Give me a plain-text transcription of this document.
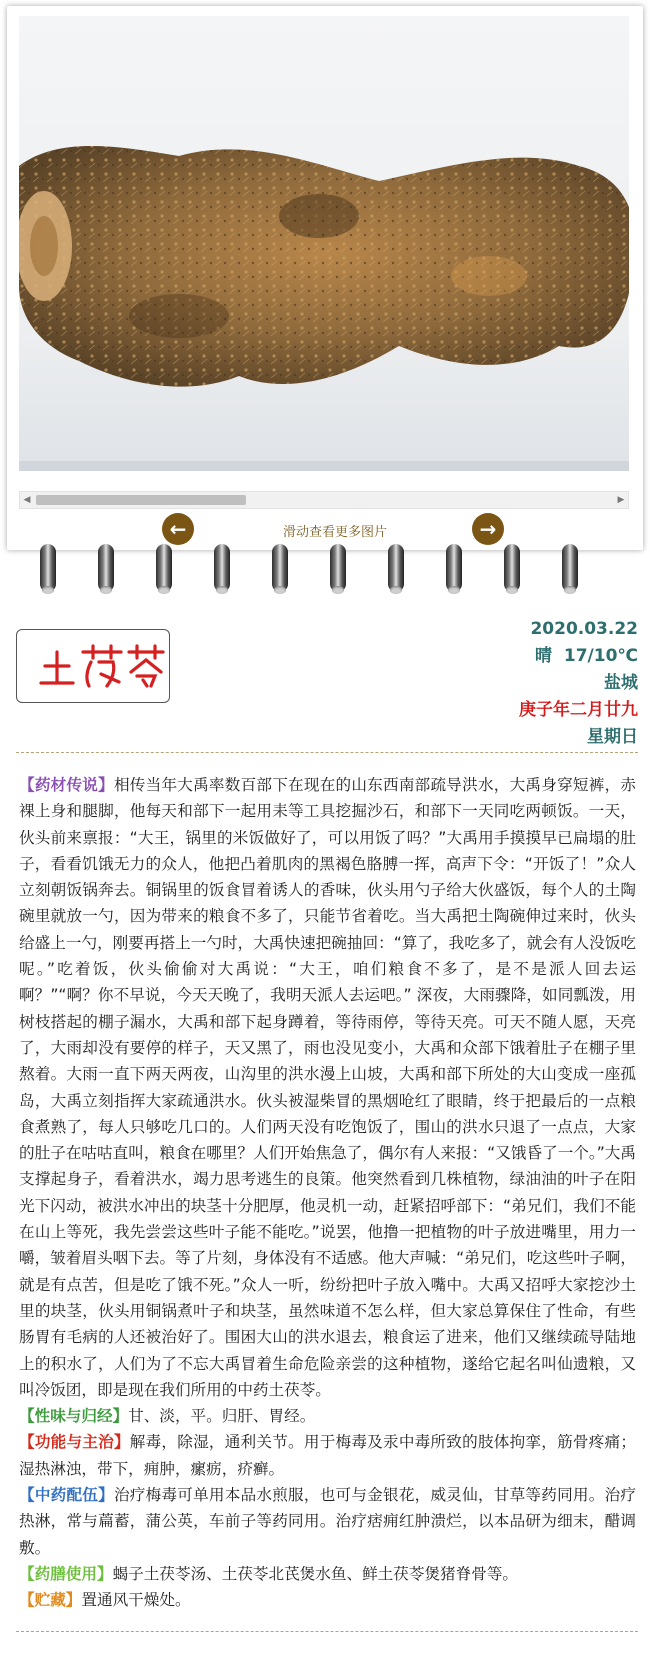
◀	▶
←	滑动查看更多图片	→
2020.03.22
晴  17/10℃
盐城
庚子年二月廿九
星期日

【药材传说】相传当年大禹率数百部下在现在的山东西南部疏导洪水，大禹身穿短裤，赤裸上身和腿脚，他每天和部下一起用耒等工具挖掘沙石，和部下一天同吃两顿饭。一天，伙头前来禀报：“大王，锅里的米饭做好了，可以用饭了吗？”大禹用手摸摸早已扁塌的肚子，看看饥饿无力的众人，他把凸着肌肉的黑褐色胳膊一挥，高声下令：“开饭了！”众人立刻朝饭锅奔去。铜锅里的饭食冒着诱人的香味，伙头用勺子给大伙盛饭，每个人的土陶碗里就放一勺，因为带来的粮食不多了，只能节省着吃。当大禹把土陶碗伸过来时，伙头给盛上一勺，刚要再搭上一勺时，大禹快速把碗抽回：“算了，我吃多了，就会有人没饭吃呢。”吃着饭，伙头偷偷对大禹说：“大王，咱们粮食不多了，是不是派人回去运啊？”“啊？你不早说，今天天晚了，我明天派人去运吧。” 深夜，大雨骤降，如同瓢泼，用树枝搭起的棚子漏水，大禹和部下起身蹲着，等待雨停，等待天亮。可天不随人愿，天亮了，大雨却没有要停的样子，天又黑了，雨也没见变小，大禹和众部下饿着肚子在棚子里熬着。大雨一直下两天两夜，山沟里的洪水漫上山坡，大禹和部下所处的大山变成一座孤岛，大禹立刻指挥大家疏通洪水。伙头被湿柴冒的黑烟呛红了眼睛，终于把最后的一点粮食煮熟了，每人只够吃几口的。人们两天没有吃饱饭了，围山的洪水只退了一点点，大家的肚子在咕咕直叫，粮食在哪里？人们开始焦急了，偶尔有人来报：“又饿昏了一个。”大禹支撑起身子，看着洪水，竭力思考逃生的良策。他突然看到几株植物，绿油油的叶子在阳光下闪动，被洪水冲出的块茎十分肥厚，他灵机一动，赶紧招呼部下：“弟兄们，我们不能在山上等死，我先尝尝这些叶子能不能吃。”说罢，他撸一把植物的叶子放进嘴里，用力一嚼，皱着眉头咽下去。等了片刻，身体没有不适感。他大声喊：“弟兄们，吃这些叶子啊，就是有点苦，但是吃了饿不死。”众人一听，纷纷把叶子放入嘴中。大禹又招呼大家挖沙土里的块茎，伙头用铜锅煮叶子和块茎，虽然味道不怎么样，但大家总算保住了性命，有些肠胃有毛病的人还被治好了。围困大山的洪水退去，粮食运了进来，他们又继续疏导陆地上的积水了，人们为了不忘大禹冒着生命危险亲尝的这种植物，遂给它起名叫仙遗粮，又叫冷饭团，即是现在我们所用的中药土茯苓。

【性味与归经】甘、淡，平。归肝、胃经。

【功能与主治】解毒，除湿，通利关节。用于梅毒及汞中毒所致的肢体拘挛，筋骨疼痛；湿热淋浊，带下，痈肿，瘰疬，疥癣。

【中药配伍】治疗梅毒可单用本品水煎服，也可与金银花，威灵仙，甘草等药同用。治疗热淋，常与萹蓄，蒲公英，车前子等药同用。治疗痞痈红肿溃烂，以本品研为细末，醋调敷。

【药膳使用】蝎子土茯苓汤、土茯苓北芪煲水鱼、鲜土茯苓煲猪脊骨等。

【贮藏】置通风干燥处。
